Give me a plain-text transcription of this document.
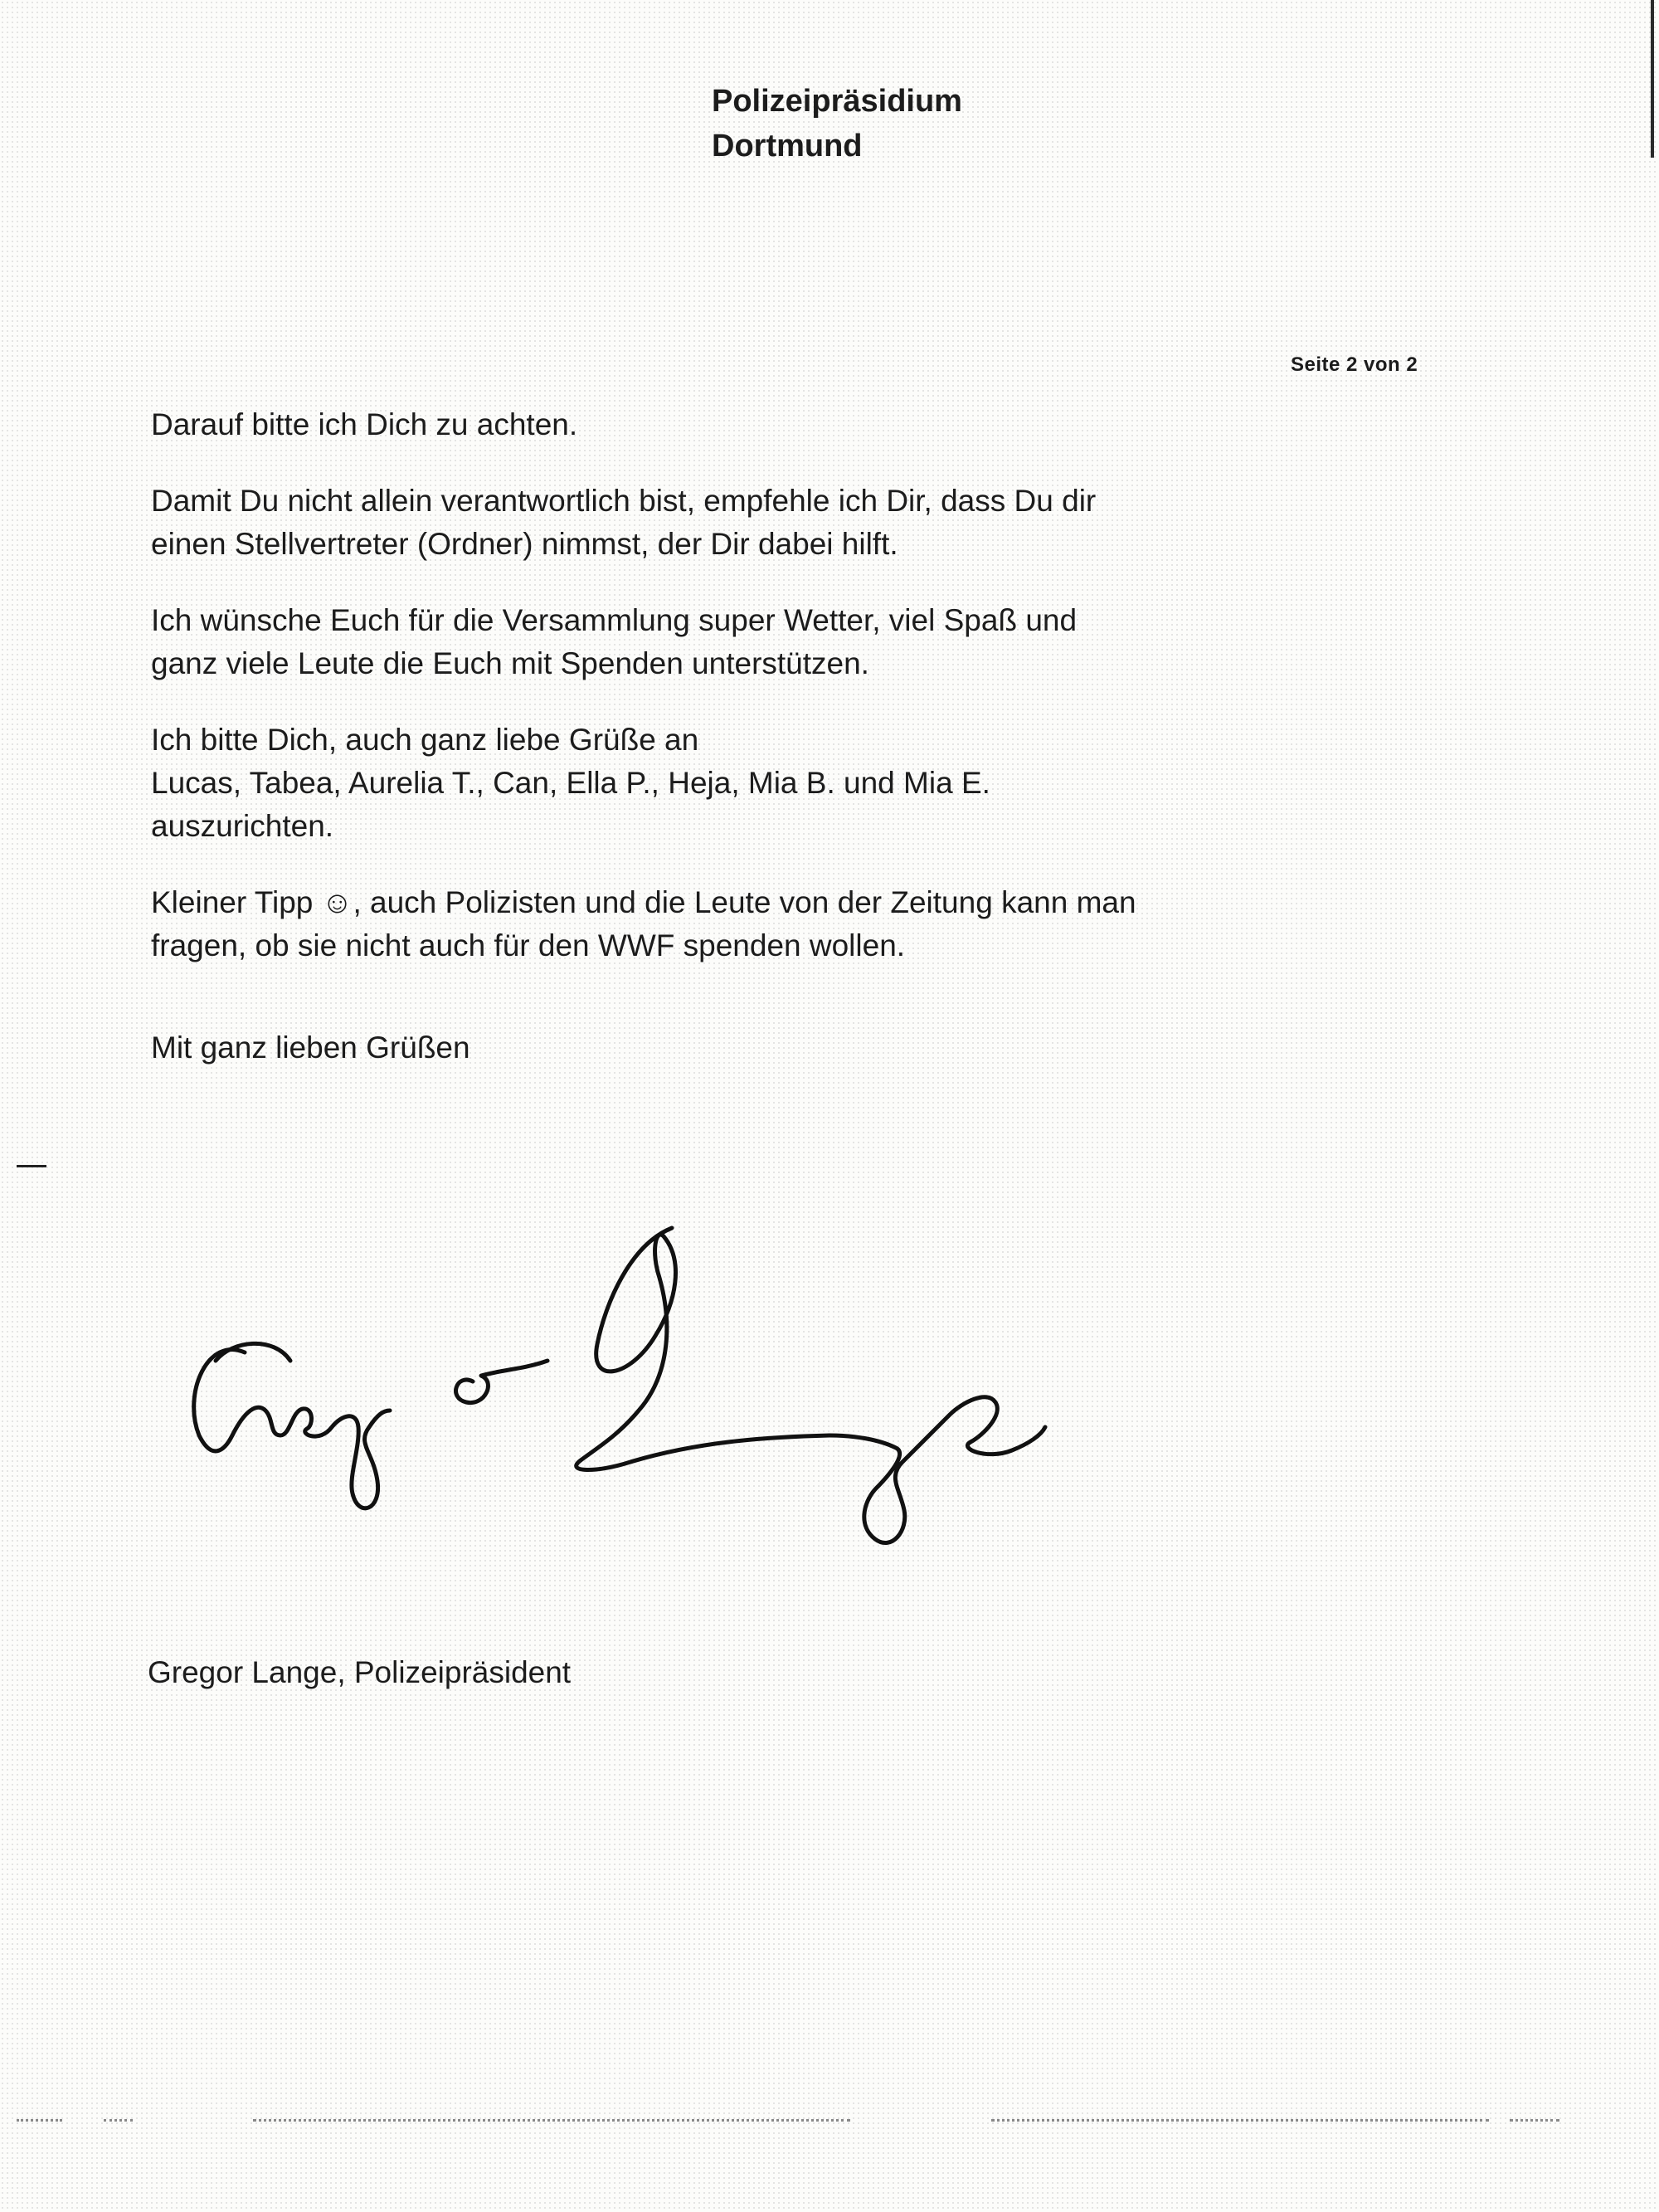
Polizeipräsidium
Dortmund
Seite 2 von 2

Darauf bitte ich Dich zu achten.

Damit Du nicht allein verantwortlich bist, empfehle ich Dir, dass Du dir
einen Stellvertreter (Ordner) nimmst, der Dir dabei hilft.

Ich wünsche Euch für die Versammlung super Wetter, viel Spaß und
ganz viele Leute die Euch mit Spenden unterstützen.

Ich bitte Dich, auch ganz liebe Grüße an
Lucas, Tabea, Aurelia T., Can, Ella P., Heja, Mia B. und Mia E.
auszurichten.

Kleiner Tipp ☺, auch Polizisten und die Leute von der Zeitung kann man
fragen, ob sie nicht auch für den WWF spenden wollen.

Mit ganz lieben Grüßen
Gregor Lange, Polizeipräsident
